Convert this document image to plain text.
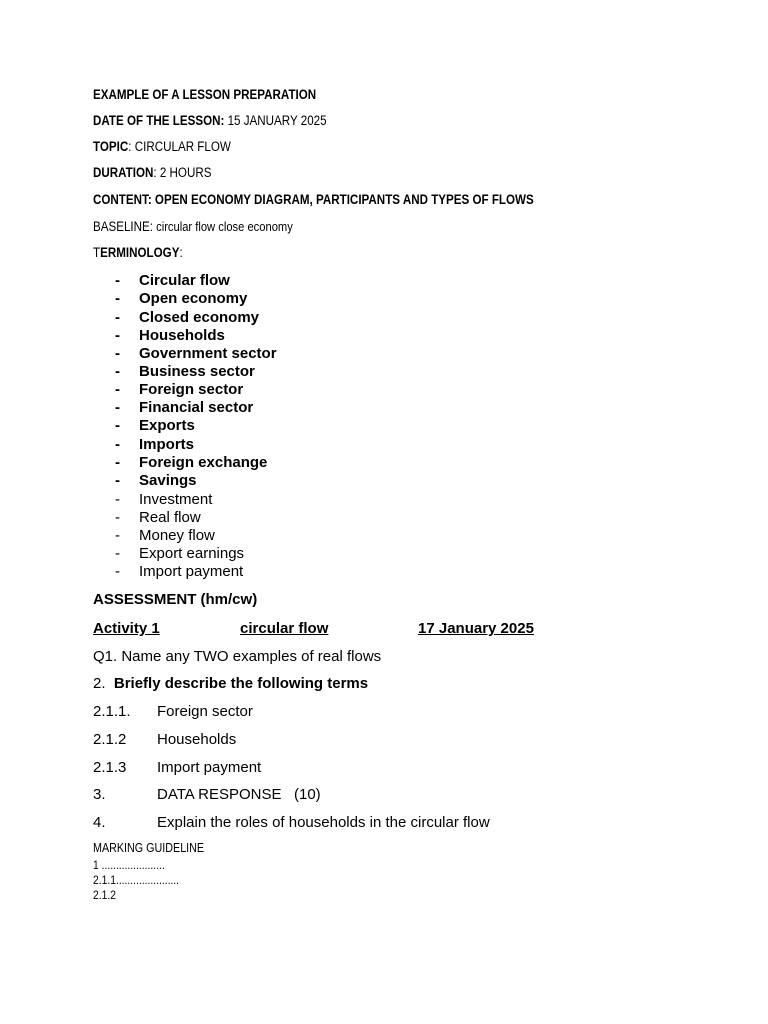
EXAMPLE OF A LESSON PREPARATION
DATE OF THE LESSON: 15 JANUARY 2025
TOPIC: CIRCULAR FLOW
DURATION: 2 HOURS
CONTENT: OPEN ECONOMY DIAGRAM, PARTICIPANTS AND TYPES OF FLOWS
BASELINE: circular flow close economy
TERMINOLOGY:
- Circular flow
- Open economy
- Closed economy
- Households
- Government sector
- Business sector
- Foreign sector
- Financial sector
- Exports
- Imports
- Foreign exchange
- Savings
- Investment
- Real flow
- Money flow
- Export earnings
- Import payment
ASSESSMENT (hm/cw)
Activity 1	circular flow	17 January 2025
Q1. Name any TWO examples of real flows
2. Briefly describe the following terms
2.1.1. Foreign sector
2.1.2 Households
2.1.3 Import payment
3.	DATA RESPONSE   (10)
4.	Explain the roles of households in the circular flow
MARKING GUIDELINE
1 ......................
2.1.1......................
2.1.2
